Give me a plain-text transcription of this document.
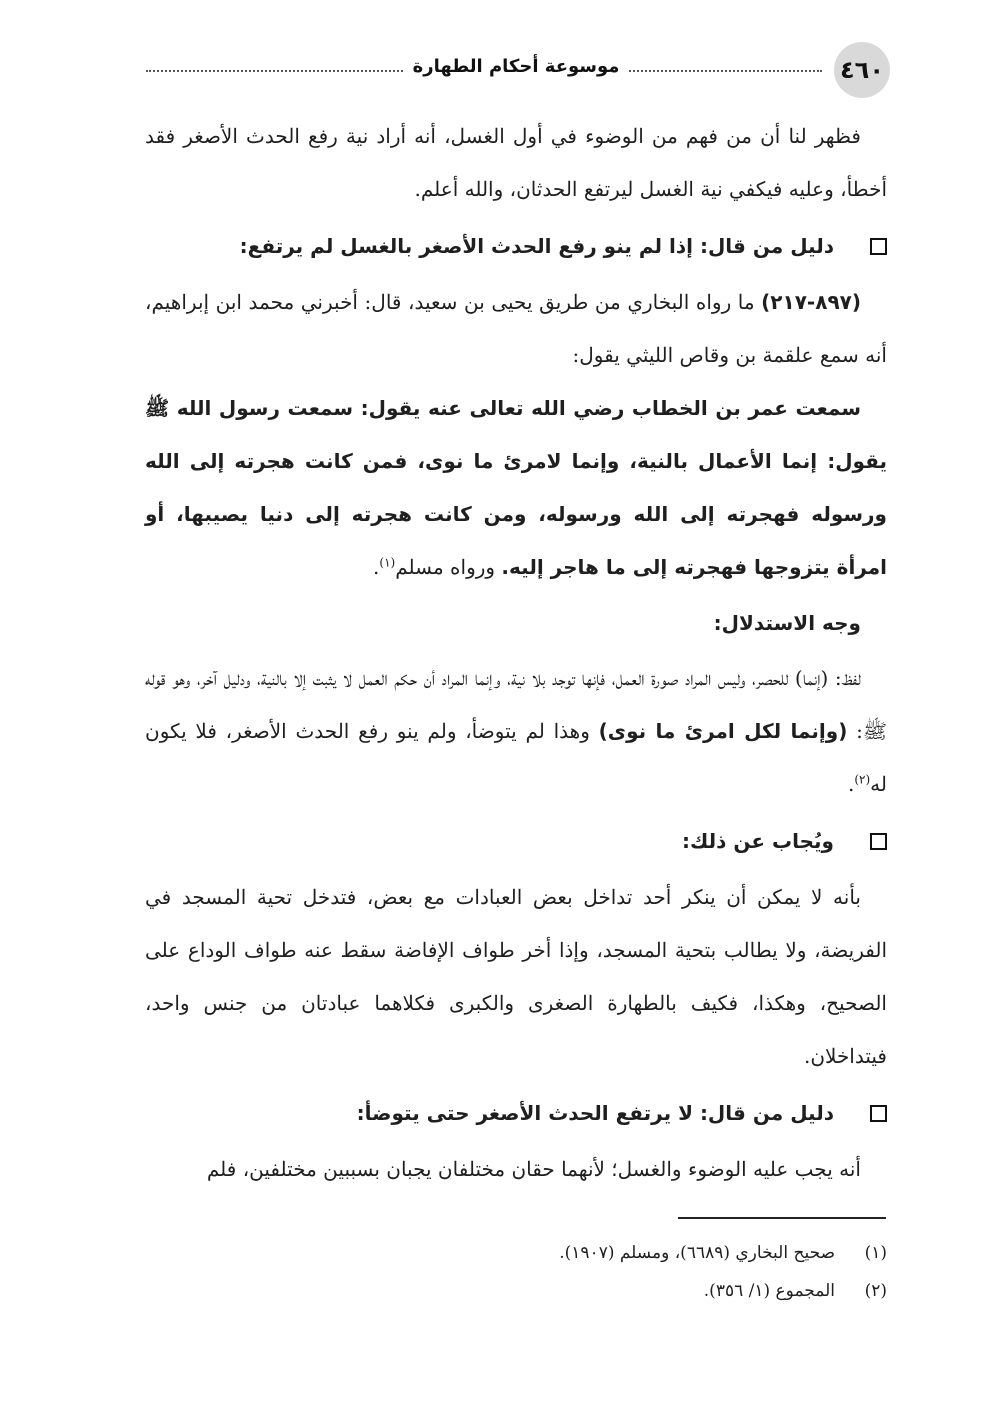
موسوعة أحكام الطهارة	٤٦٠

فظهر لنا أن من فهم من الوضوء في أول الغسل، أنه أراد نية رفع الحدث الأصغر فقد أخطأ، وعليه فيكفي نية الغسل ليرتفع الحدثان، والله أعلم.

دليل من قال: إذا لم ينو رفع الحدث الأصغر بالغسل لم يرتفع:

(٨٩٧-٢١٧) ما رواه البخاري من طريق يحيى بن سعيد، قال: أخبرني محمد ابن إبراهيم، أنه سمع علقمة بن وقاص الليثي يقول:

سمعت عمر بن الخطاب رضي الله تعالى عنه يقول: سمعت رسول الله ﷺ يقول: إنما الأعمال بالنية، وإنما لامرئ ما نوى، فمن كانت هجرته إلى الله ورسوله فهجرته إلى الله ورسوله، ومن كانت هجرته إلى دنيا يصيبها، أو امرأة يتزوجها فهجرته إلى ما هاجر إليه. ورواه مسلم$^{(١)}$.

وجه الاستدلال:

لفظ: (إنما) للحصر، وليس المراد صورة العمل، فإنها توجد بلا نية، وإنما المراد أن حكم العمل لا يثبت إلا بالنية، ودليل آخر، وهو قوله ﷺ: (وإنما لكل امرئ ما نوى) وهذا لم يتوضأ، ولم ينو رفع الحدث الأصغر، فلا يكون له$^{(٢)}$.

ويُجاب عن ذلك:

بأنه لا يمكن أن ينكر أحد تداخل بعض العبادات مع بعض، فتدخل تحية المسجد في الفريضة، ولا يطالب بتحية المسجد، وإذا أخر طواف الإفاضة سقط عنه طواف الوداع على الصحيح، وهكذا، فكيف بالطهارة الصغرى والكبرى فكلاهما عبادتان من جنس واحد، فيتداخلان.

دليل من قال: لا يرتفع الحدث الأصغر حتى يتوضأ:

أنه يجب عليه الوضوء والغسل؛ لأنهما حقان مختلفان يجبان بسببين مختلفين، فلم

(١)صحيح البخاري (٦٦٨٩)، ومسلم (١٩٠٧).

(٢)المجموع (١/ ٣٥٦).
